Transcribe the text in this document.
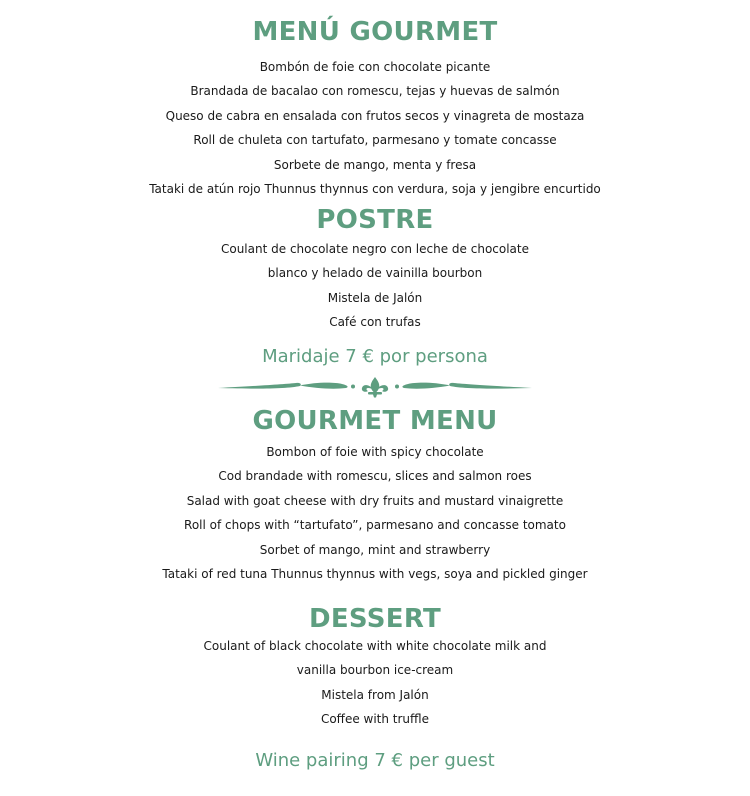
MENÚ GOURMET
Bombón de foie con chocolate picante
Brandada de bacalao con romescu, tejas y huevas de salmón
Queso de cabra en ensalada con frutos secos y vinagreta de mostaza
Roll de chuleta con tartufato, parmesano y tomate concasse
Sorbete de mango, menta y fresa
Tataki de atún rojo Thunnus thynnus con verdura, soja y jengibre encurtido
POSTRE
Coulant de chocolate negro con leche de chocolate
blanco y helado de vainilla bourbon
Mistela de Jalón
Café con trufas
Maridaje 7 € por persona
GOURMET MENU
Bombon of foie with spicy chocolate
Cod brandade with romescu, slices and salmon roes
Salad with goat cheese with dry fruits and mustard vinaigrette
Roll of chops with “tartufato”, parmesano and concasse tomato
Sorbet of mango, mint and strawberry
Tataki of red tuna Thunnus thynnus with vegs, soya and pickled ginger
DESSERT
Coulant of black chocolate with white chocolate milk and
vanilla bourbon ice-cream
Mistela from Jalón
Coffee with truffle
Wine pairing 7 € per guest
